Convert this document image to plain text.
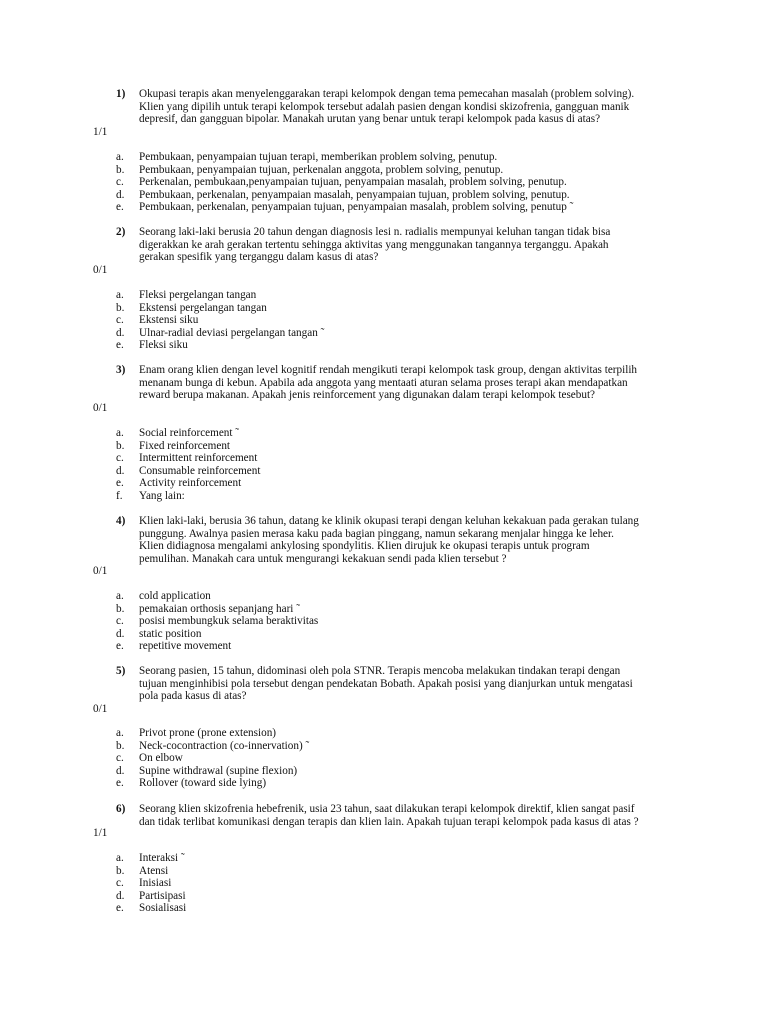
1) Okupasi terapis akan menyelenggarakan terapi kelompok dengan tema pemecahan masalah (problem solving).
Klien yang dipilih untuk terapi kelompok tersebut adalah pasien dengan kondisi skizofrenia, gangguan manik
depresif, dan gangguan bipolar. Manakah urutan yang benar untuk terapi kelompok pada kasus di atas?
1/1
a. Pembukaan, penyampaian tujuan terapi, memberikan problem solving, penutup.
b. Pembukaan, penyampaian tujuan, perkenalan anggota, problem solving, penutup.
c. Perkenalan, pembukaan,penyampaian tujuan, penyampaian masalah, problem solving, penutup.
d. Pembukaan, perkenalan, penyampaian masalah, penyampaian tujuan, problem solving, penutup.
e. Pembukaan, perkenalan, penyampaian tujuan, penyampaian masalah, problem solving, penutup ˜
2) Seorang laki-laki berusia 20 tahun dengan diagnosis lesi n. radialis mempunyai keluhan tangan tidak bisa
digerakkan ke arah gerakan tertentu sehingga aktivitas yang menggunakan tangannya terganggu. Apakah
gerakan spesifik yang terganggu dalam kasus di atas?
0/1
a. Fleksi pergelangan tangan
b. Ekstensi pergelangan tangan
c. Ekstensi siku
d. Ulnar-radial deviasi pergelangan tangan ˜
e. Fleksi siku
3) Enam orang klien dengan level kognitif rendah mengikuti terapi kelompok task group, dengan aktivitas terpilih
menanam bunga di kebun. Apabila ada anggota yang mentaati aturan selama proses terapi akan mendapatkan
reward berupa makanan. Apakah jenis reinforcement yang digunakan dalam terapi kelompok tesebut?
0/1
a. Social reinforcement ˜
b. Fixed reinforcement
c. Intermittent reinforcement
d. Consumable reinforcement
e. Activity reinforcement
f. Yang lain:
4) Klien laki-laki, berusia 36 tahun, datang ke klinik okupasi terapi dengan keluhan kekakuan pada gerakan tulang
punggung. Awalnya pasien merasa kaku pada bagian pinggang, namun sekarang menjalar hingga ke leher.
Klien didiagnosa mengalami ankylosing spondylitis. Klien dirujuk ke okupasi terapis untuk program
pemulihan. Manakah cara untuk mengurangi kekakuan sendi pada klien tersebut ?
0/1
a. cold application
b. pemakaian orthosis sepanjang hari ˜
c. posisi membungkuk selama beraktivitas
d. static position
e. repetitive movement
5) Seorang pasien, 15 tahun, didominasi oleh pola STNR. Terapis mencoba melakukan tindakan terapi dengan
tujuan menginhibisi pola tersebut dengan pendekatan Bobath. Apakah posisi yang dianjurkan untuk mengatasi
pola pada kasus di atas?
0/1
a. Privot prone (prone extension)
b. Neck-cocontraction (co-innervation) ˜
c. On elbow
d. Supine withdrawal (supine flexion)
e. Rollover (toward side lying)
6) Seorang klien skizofrenia hebefrenik, usia 23 tahun, saat dilakukan terapi kelompok direktif, klien sangat pasif
dan tidak terlibat komunikasi dengan terapis dan klien lain. Apakah tujuan terapi kelompok pada kasus di atas ?
1/1
a. Interaksi ˜
b. Atensi
c. Inisiasi
d. Partisipasi
e. Sosialisasi
